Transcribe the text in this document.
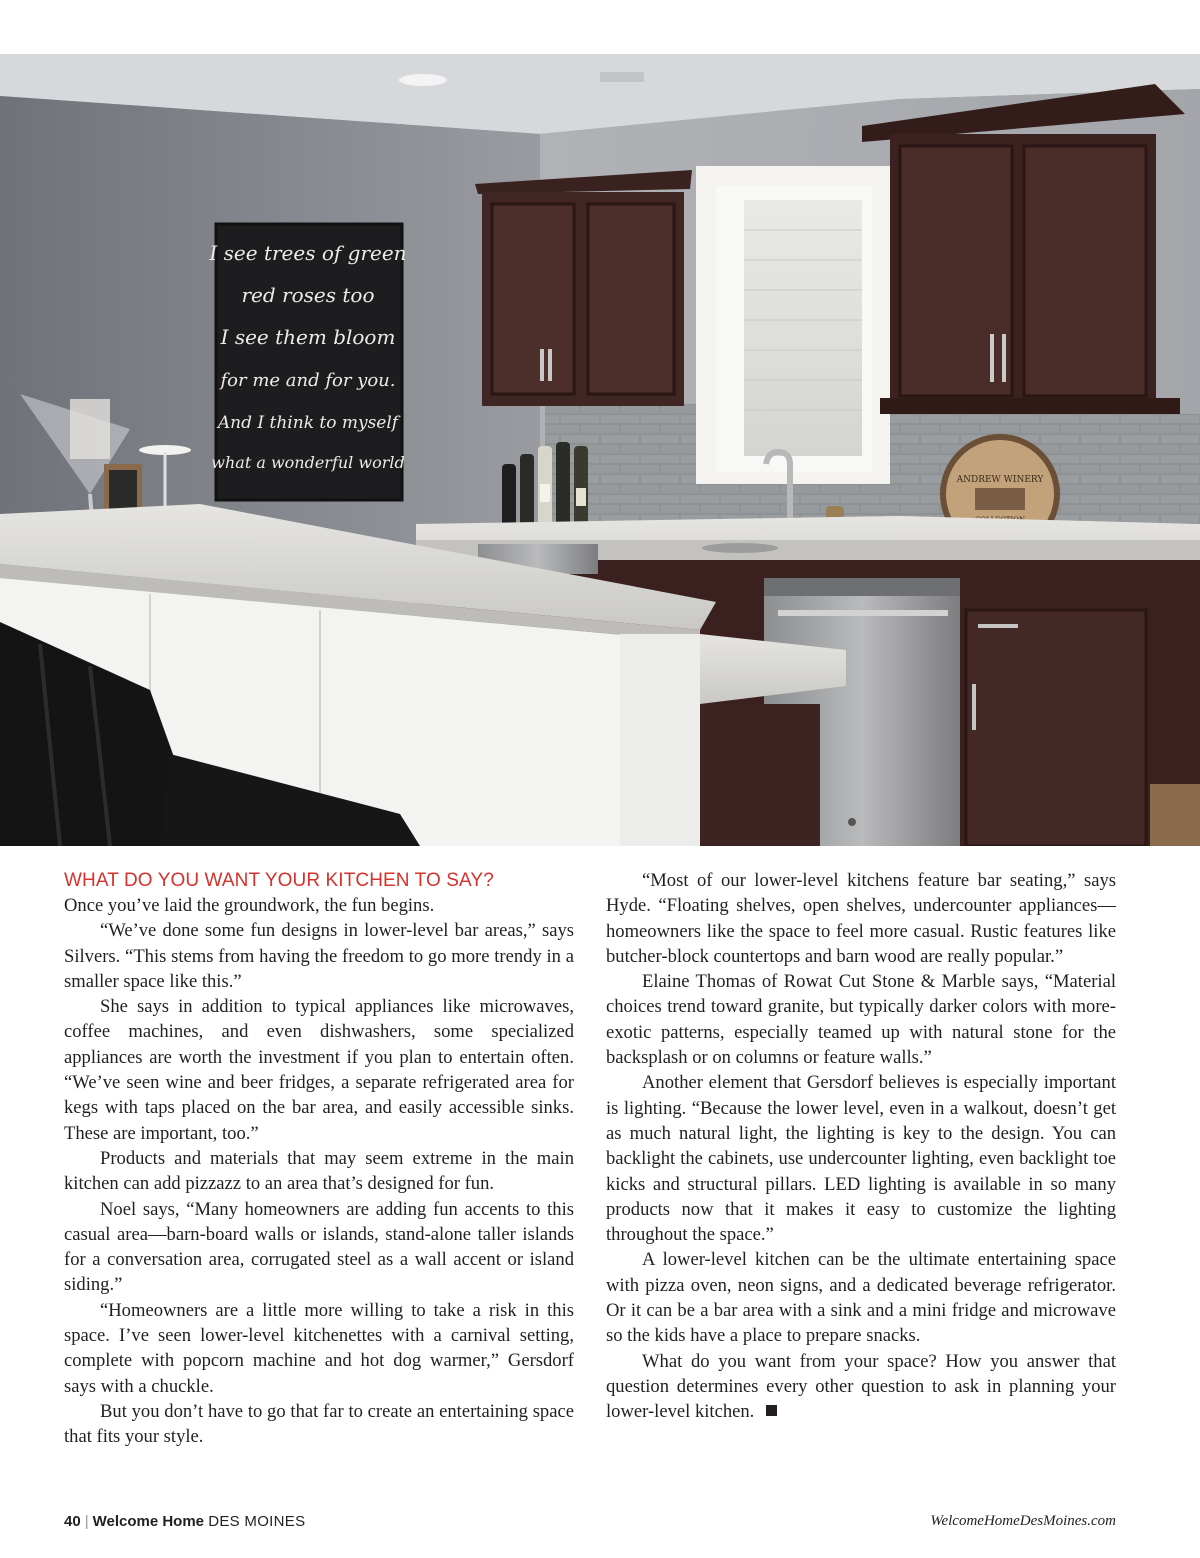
I see trees of green
red roses too
I see them bloom
for me and for you.
And I think to myself
what a wonderful world
ANDREW WINERY
WHAT DO YOU WANT YOUR KITCHEN TO SAY?

Once you’ve laid the groundwork, the fun begins.

“We’ve done some fun designs in lower-level bar areas,” says Silvers. “This stems from having the freedom to go more trendy in a smaller space like this.”

She says in addition to typical appliances like microwaves, coffee machines, and even dishwashers, some specialized appliances are worth the investment if you plan to entertain often. “We’ve seen wine and beer fridges, a separate refrigerated area for kegs with taps placed on the bar area, and easily accessible sinks. These are important, too.”

Products and materials that may seem extreme in the main kitchen can add pizzazz to an area that’s designed for fun.

Noel says, “Many homeowners are adding fun accents to this casual area—barn-board walls or islands, stand-alone taller islands for a conversation area, corrugated steel as a wall accent or island siding.”

“Homeowners are a little more willing to take a risk in this space. I’ve seen lower-level kitchenettes with a carnival setting, complete with popcorn machine and hot dog warmer,” Gersdorf says with a chuckle.

But you don’t have to go that far to create an entertaining space that fits your style.

“Most of our lower-level kitchens feature bar seating,” says Hyde. “Floating shelves, open shelves, undercounter appliances—homeowners like the space to feel more casual. Rustic features like butcher-block countertops and barn wood are really popular.”

Elaine Thomas of Rowat Cut Stone & Marble says, “Material choices trend toward granite, but typically darker colors with more-exotic patterns, especially teamed up with natural stone for the backsplash or on columns or feature walls.”

Another element that Gersdorf believes is especially important is lighting. “Because the lower level, even in a walkout, doesn’t get as much natural light, the lighting is key to the design. You can backlight the cabinets, use undercounter lighting, even backlight toe kicks and structural pillars. LED lighting is available in so many products now that it makes it easy to customize the lighting throughout the space.”

A lower-level kitchen can be the ultimate entertaining space with pizza oven, neon signs, and a dedicated beverage refrigerator. Or it can be a bar area with a sink and a mini fridge and microwave so the kids have a place to prepare snacks.

What do you want from your space? How you answer that question determines every other question to ask in planning your lower-level kitchen.

40 | Welcome Home DES MOINES	WelcomeHomeDesMoines.com
